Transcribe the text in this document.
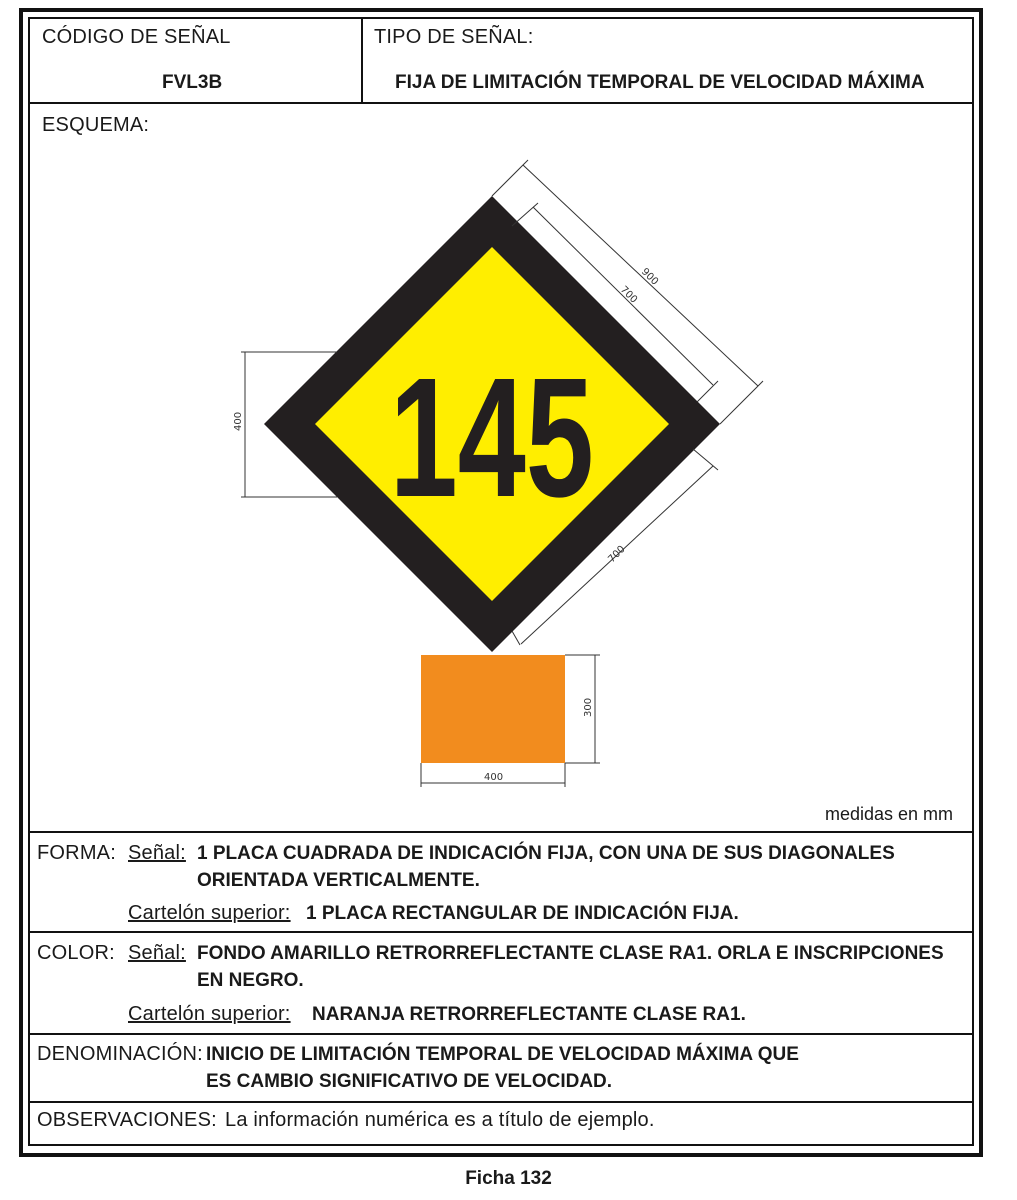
CÓDIGO DE SEÑAL
FVL3B
TIPO DE SEÑAL:
FIJA DE LIMITACIÓN TEMPORAL DE VELOCIDAD MÁXIMA
ESQUEMA:
145
900
700
700
400
300
400
medidas en mm
FORMA: Señal: 1 PLACA CUADRADA DE INDICACIÓN FIJA, CON UNA DE SUS DIAGONALES
ORIENTADA VERTICALMENTE.
Cartelón superior: 1 PLACA RECTANGULAR DE INDICACIÓN FIJA.
COLOR: Señal: FONDO AMARILLO RETRORREFLECTANTE CLASE RA1. ORLA E INSCRIPCIONES
EN NEGRO.
Cartelón superior: NARANJA RETRORREFLECTANTE CLASE RA1.
DENOMINACIÓN: INICIO DE LIMITACIÓN TEMPORAL DE VELOCIDAD MÁXIMA QUE
ES CAMBIO SIGNIFICATIVO DE VELOCIDAD.
OBSERVACIONES: La información numérica es a título de ejemplo.
Ficha 132
